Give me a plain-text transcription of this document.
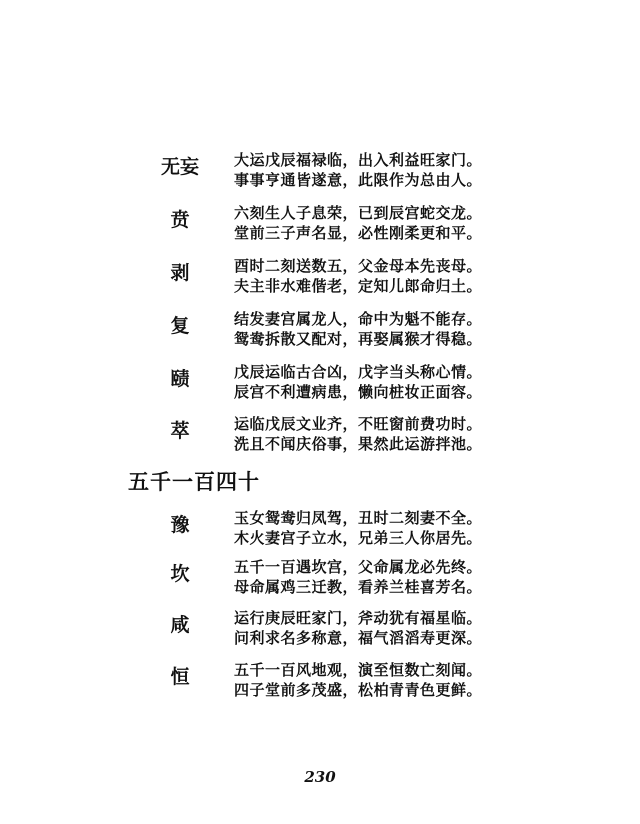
无妄	大运戊辰福禄临，出入利益旺家门。
事事亨通皆遂意，此限作为总由人。
贲	六刻生人子息荣，已到辰宫蛇交龙。
堂前三子声名显，必性刚柔更和平。
剥	酉时二刻送数五，父金母本先丧母。
夫主非水难偕老，定知儿郎命归土。
复	结发妻宫属龙人，命中为魁不能存。
鸳鸯拆散又配对，再娶属猴才得稳。
赜	戊辰运临古合凶，戊字当头称心情。
辰宫不利遭病患，懒向桩妆正面容。
萃	运临戊辰文业齐，不旺窗前费功时。
洗且不闻庆俗事，果然此运游拌池。
五千一百四十
豫	玉女鸳鸯归凤驾，丑时二刻妻不全。
木火妻宫子立水，兄弟三人你居先。
坎	五千一百遇坎宫，父命属龙必先终。
母命属鸡三迁教，看养兰桂喜芳名。
咸	运行庚辰旺家门，斧动犹有福星临。
问利求名多称意，福气滔滔寿更深。
恒	五千一百风地观，演至恒数亡刻闻。
四子堂前多茂盛，松柏青青色更鲜。
230
